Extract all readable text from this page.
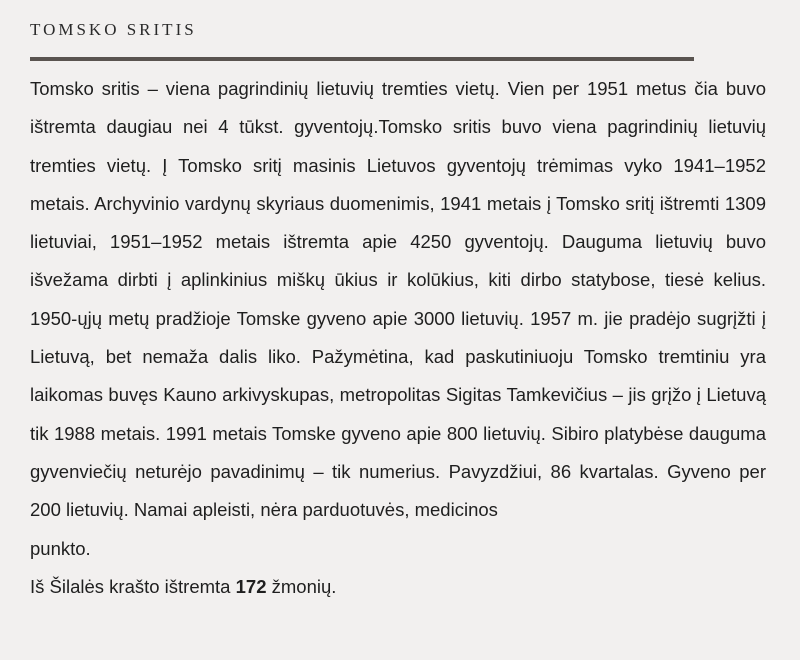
TOMSKO SRITIS

Tomsko sritis – viena pagrindinių lietuvių tremties vietų. Vien per 1951 metus čia buvo ištremta daugiau nei 4 tūkst. gyventojų.Tomsko sritis buvo viena pagrindinių lietuvių tremties vietų. Į Tomsko sritį masinis Lietuvos gyventojų trėmimas vyko 1941–1952 metais. Archyvinio vardynų skyriaus duomenimis, 1941 metais į Tomsko sritį ištremti 1309 lietuviai, 1951–1952 metais ištremta apie 4250 gyventojų. Dauguma lietuvių buvo išvežama dirbti į aplinkinius miškų ūkius ir kolūkius, kiti dirbo statybose, tiesė kelius. 1950-ųjų metų pradžioje Tomske gyveno apie 3000 lietuvių. 1957 m. jie pradėjo sugrįžti į Lietuvą, bet nemaža dalis liko. Pažymėtina, kad paskutiniuoju Tomsko tremtiniu yra laikomas buvęs Kauno arkivyskupas, metropolitas Sigitas Tamkevičius – jis grįžo į Lietuvą tik 1988 metais. 1991 metais Tomske gyveno apie 800 lietuvių. Sibiro platybėse dauguma gyvenviečių neturėjo pavadinimų – tik numerius. Pavyzdžiui, 86 kvartalas. Gyveno per 200 lietuvių. Namai apleisti, nėra parduotuvės, medicinos
punkto.

Iš Šilalės krašto ištremta 172 žmonių.
